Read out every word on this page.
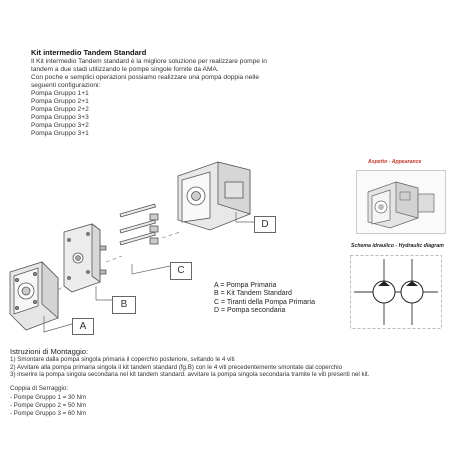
Kit intermedio Tandem Standard
Il Kit intermedio Tandem standard è la migliore soluzione per realizzare pompe in
tandem a due stadi utilizzando le pompe singole fornite da AMA.
Con poche e semplici operazioni possiamo realizzare una pompa doppia nelle
seguenti configurazioni:
Pompa Gruppo 1+1
Pompa Gruppo 2+1
Pompa Gruppo 2+2
Pompa Gruppo 3+3
Pompa Gruppo 3+2
Pompa Gruppo 3+1
A
B
C
D
A = Pompa Primaria
B = Kit Tandem Standard
C = Tiranti della Pompa Primaria
D = Pompa secondaria
Aspetto - Appearance
Schema idraulico - Hydraulic diagram
Istruzioni di Montaggio:
1) Smontare dalla pompa singola primaria il coperchio posteriore, svitando le 4 viti
2) Avvitare alla pompa primaria singola il kit tandem standard (fg.B) con le 4 viti precedentemente smontate dal coperchio
3) inserire la pompa singola secondaria nel kit tandem standard. avvitare la pompa singola secondaria tramite le viti presenti nel kit.
Coppia di Serraggio:
- Pompe Gruppo 1 = 30 Nm
- Pompe Gruppo 2 = 50 Nm
- Pompe Gruppo 3 = 60 Nm
